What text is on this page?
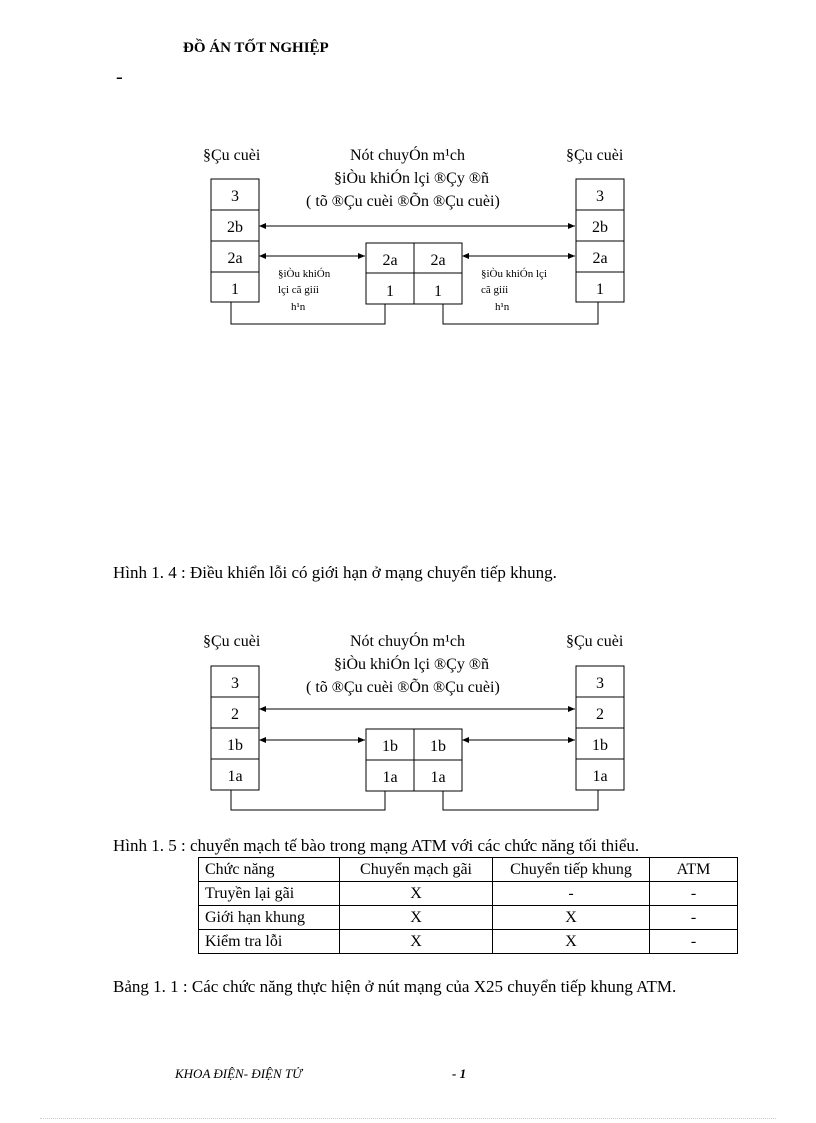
ĐỒ ÁN TỐT NGHIỆP
-
§Çu cuèi	§Çu cuèi
Nót chuyÓn m¹ch
§iÒu khiÓn lçi ®Çy ®ñ
( tõ ®Çu cuèi ®Õn ®Çu cuèi)
3
2b
2a
1
3
2b
2a
1
2a 2a
1	1
§iÒu khiÓn
lçi cã giíi
h¹n
§iÒu khiÓn lçi
cã giíi
h¹n
Hình 1. 4 : Điều khiển lỗi có giới hạn ở mạng chuyển tiếp khung.
§Çu cuèi	§Çu cuèi
Nót chuyÓn m¹ch
§iÒu khiÓn lçi ®Çy ®ñ
( tõ ®Çu cuèi ®Õn ®Çu cuèi)
3
2
1b
1a
3
2
1b
1a
1b 1b
1a 1a
Hình 1. 5 : chuyển mạch tế bào trong mạng ATM với các chức năng tối thiểu.
Chức năng	Chuyển mạch gãi	Chuyển tiếp khung	ATM
Truyền lại gãi	X	-	-
Giới hạn khung	X	X	-
Kiểm tra lỗi	X	X	-
Bảng 1. 1 : Các chức năng thực hiện ở nút mạng của X25 chuyển tiếp khung ATM.
KHOA ĐIỆN- ĐIỆN TỬ	- 1
